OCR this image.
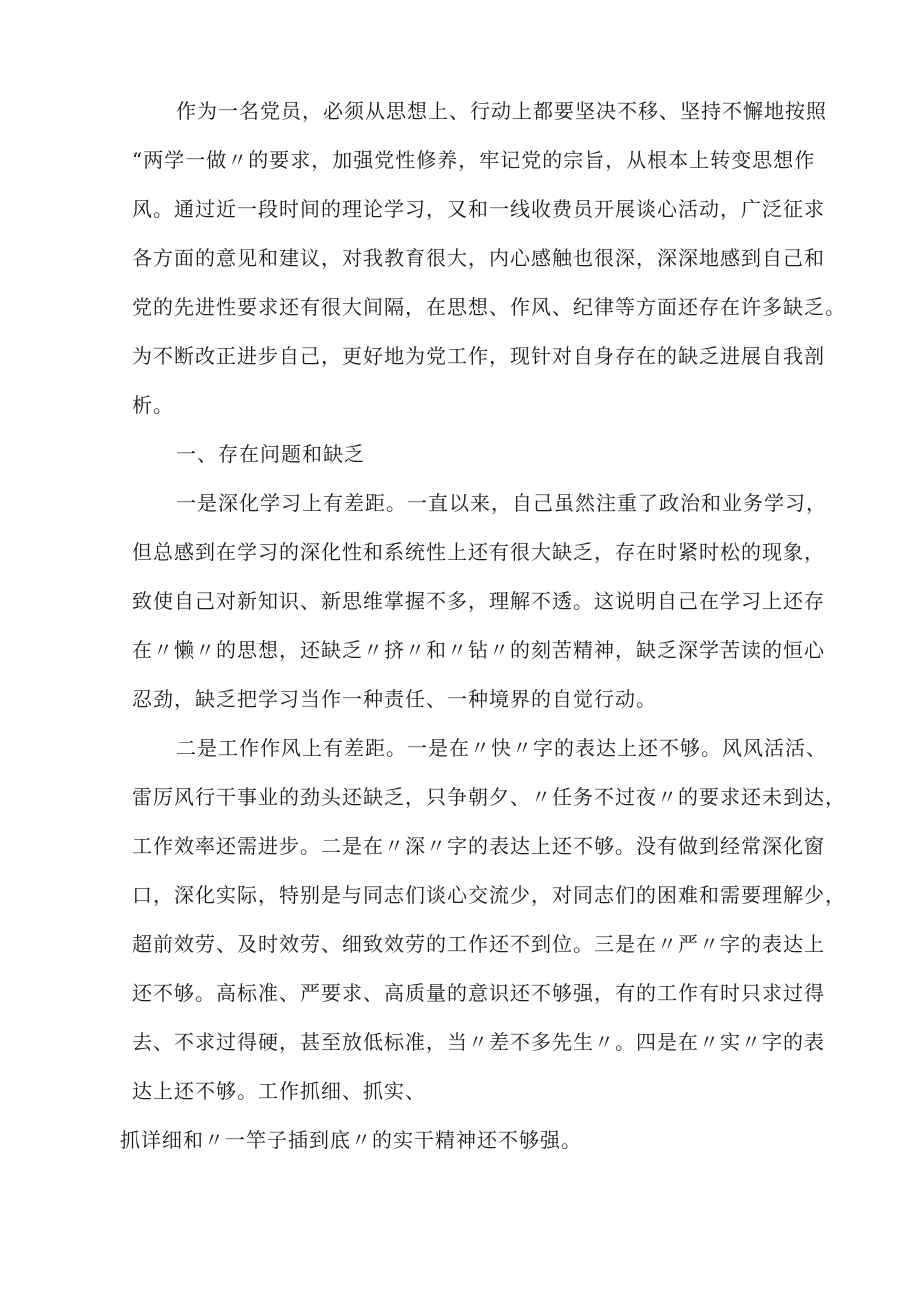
作为一名党员，必须从思想上、行动上都要坚决不移、坚持不懈地按照
“两学一做〃的要求，加强党性修养，牢记党的宗旨，从根本上转变思想作
风。通过近一段时间的理论学习，又和一线收费员开展谈心活动，广泛征求
各方面的意见和建议，对我教育很大，内心感触也很深，深深地感到自己和
党的先进性要求还有很大间隔，在思想、作风、纪律等方面还存在许多缺乏。
为不断改正进步自己，更好地为党工作，现针对自身存在的缺乏进展自我剖
析。
一、存在问题和缺乏
一是深化学习上有差距。一直以来，自己虽然注重了政治和业务学习，
但总感到在学习的深化性和系统性上还有很大缺乏，存在时紧时松的现象，
致使自己对新知识、新思维掌握不多，理解不透。这说明自己在学习上还存
在〃懒〃的思想，还缺乏〃挤〃和〃钻〃的刻苦精神，缺乏深学苦读的恒心
忍劲，缺乏把学习当作一种责任、一种境界的自觉行动。
二是工作作风上有差距。一是在〃快〃字的表达上还不够。风风活活、
雷厉风行干事业的劲头还缺乏，只争朝夕、〃任务不过夜〃的要求还未到达，
工作效率还需进步。二是在〃深〃字的表达上还不够。没有做到经常深化窗
口，深化实际，特别是与同志们谈心交流少，对同志们的困难和需要理解少，
超前效劳、及时效劳、细致效劳的工作还不到位。三是在〃严〃字的表达上
还不够。高标准、严要求、高质量的意识还不够强，有的工作有时只求过得
去、不求过得硬，甚至放低标准，当〃差不多先生〃。四是在〃实〃字的表
达上还不够。工作抓细、抓实、
抓详细和〃一竿子插到底〃的实干精神还不够强。
